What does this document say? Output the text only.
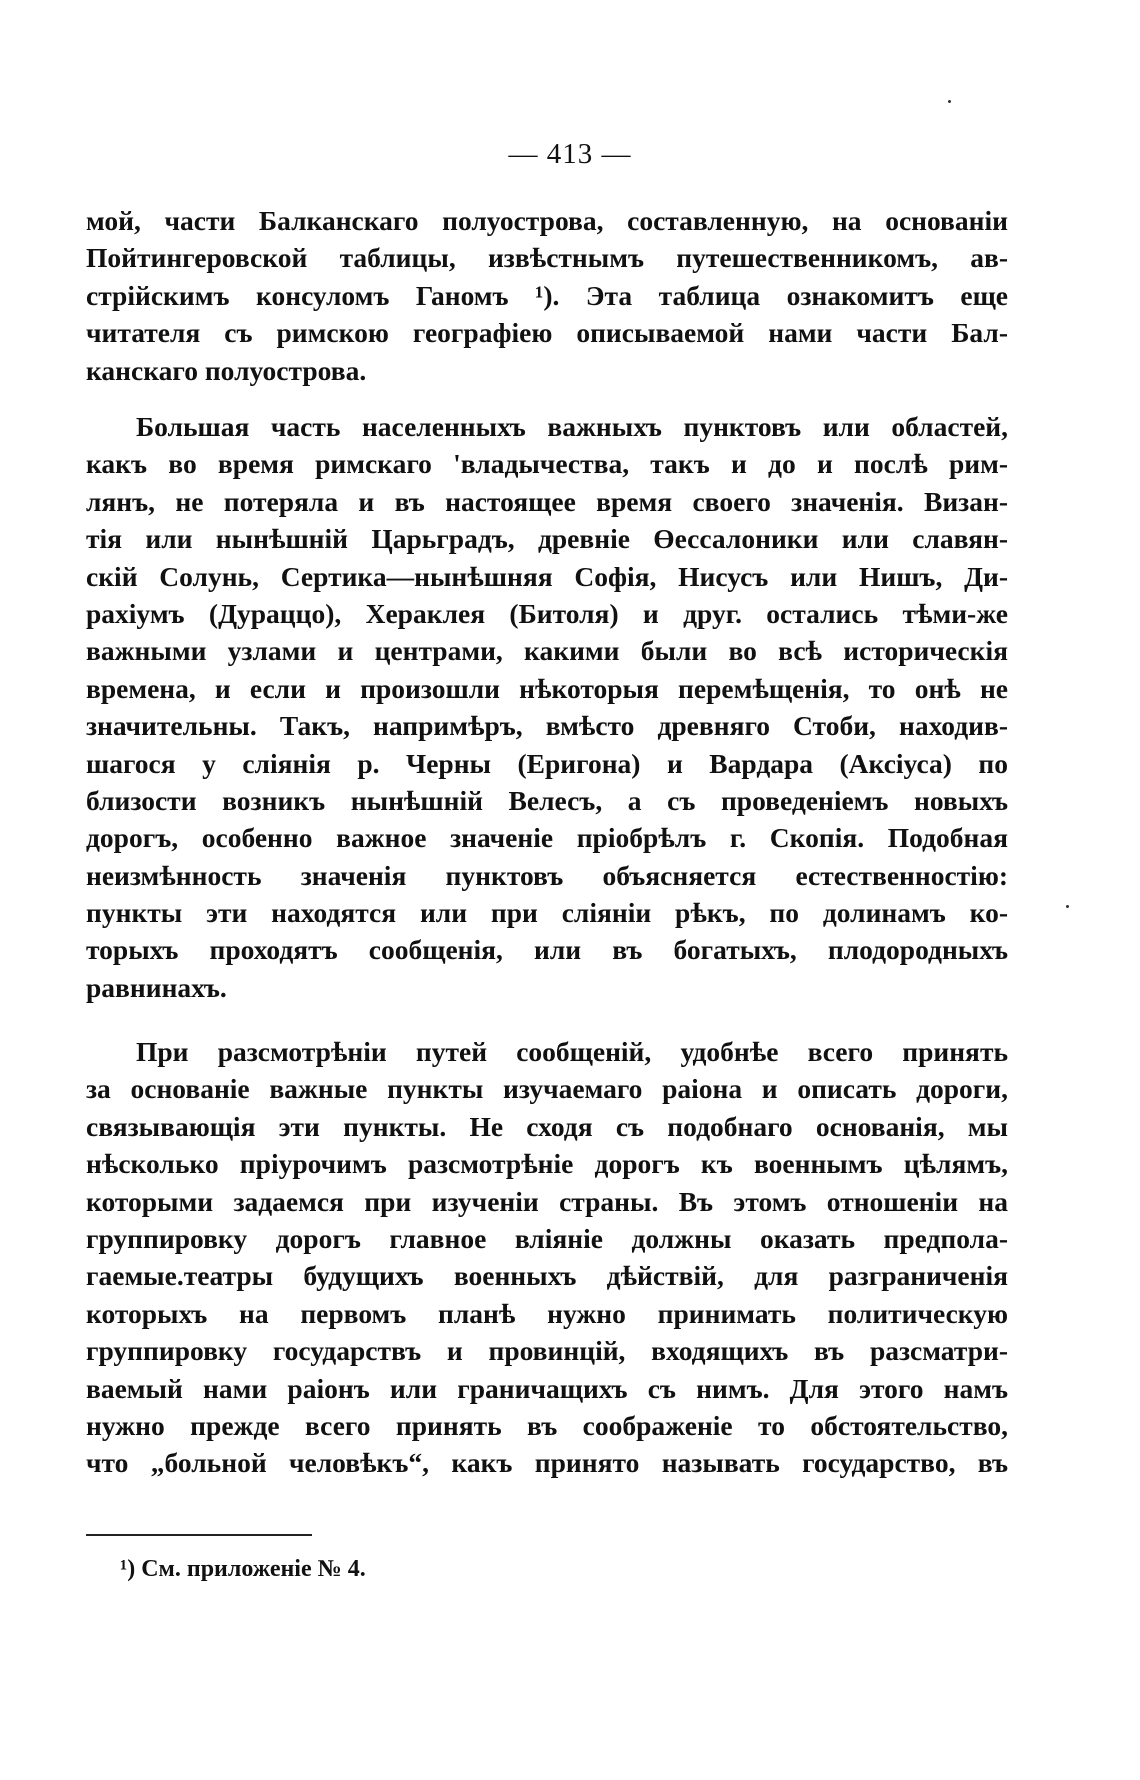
— 413 —
мой, части Балканскаго полуострова, составленную, на основаніи
Пойтингеровской таблицы, извѣстнымъ путешественникомъ, ав-
стрійскимъ консуломъ Ганомъ ¹). Эта таблица ознакомитъ еще
читателя съ римскою географіею описываемой нами части Бал-
канскаго полуострова.
Большая часть населенныхъ важныхъ пунктовъ или областей,
какъ во время римскаго 'владычества, такъ и до и послѣ рим-
лянъ, не потеряла и въ настоящее время своего значенія. Визан-
тія или нынѣшній Царьградъ, древніе Өессалоники или славян-
скій Солунь, Сертика—нынѣшняя Софія, Нисусъ или Нишъ, Ди-
рахіумъ (Дураццо), Хераклея (Битоля) и друг. остались тѣми-же
важными узлами и центрами, какими были во всѣ историческія
времена, и если и произошли нѣкоторыя перемѣщенія, то онѣ не
значительны. Такъ, напримѣръ, вмѣсто древняго Стоби, находив-
шагося у сліянія р. Черны (Еригона) и Вардара (Аксіуса) по
близости возникъ нынѣшній Велесъ, а съ проведеніемъ новыхъ
дорогъ, особенно важное значеніе пріобрѣлъ г. Скопія. Подобная
неизмѣнность значенія пунктовъ объясняется естественностію:
пункты эти находятся или при сліяніи рѣкъ, по долинамъ ко-
торыхъ проходятъ сообщенія, или въ богатыхъ, плодородныхъ
равнинахъ.
При разсмотрѣніи путей сообщеній, удобнѣе всего принять
за основаніе важные пункты изучаемаго раіона и описать дороги,
связывающія эти пункты. Не сходя съ подобнаго основанія, мы
нѣсколько пріурочимъ разсмотрѣніе дорогъ къ военнымъ цѣлямъ,
которыми задаемся при изученіи страны. Въ этомъ отношеніи на
группировку дорогъ главное вліяніе должны оказать предпола-
гаемые.театры будущихъ военныхъ дѣйствій, для разграниченія
которыхъ на первомъ планѣ нужно принимать политическую
группировку государствъ и провинцій, входящихъ въ разсматри-
ваемый нами раіонъ или граничащихъ съ нимъ. Для этого намъ
нужно прежде всего принять въ соображеніе то обстоятельство,
что „больной человѣкъ“, какъ принято называть государство, въ
¹) См. приложеніе № 4.
